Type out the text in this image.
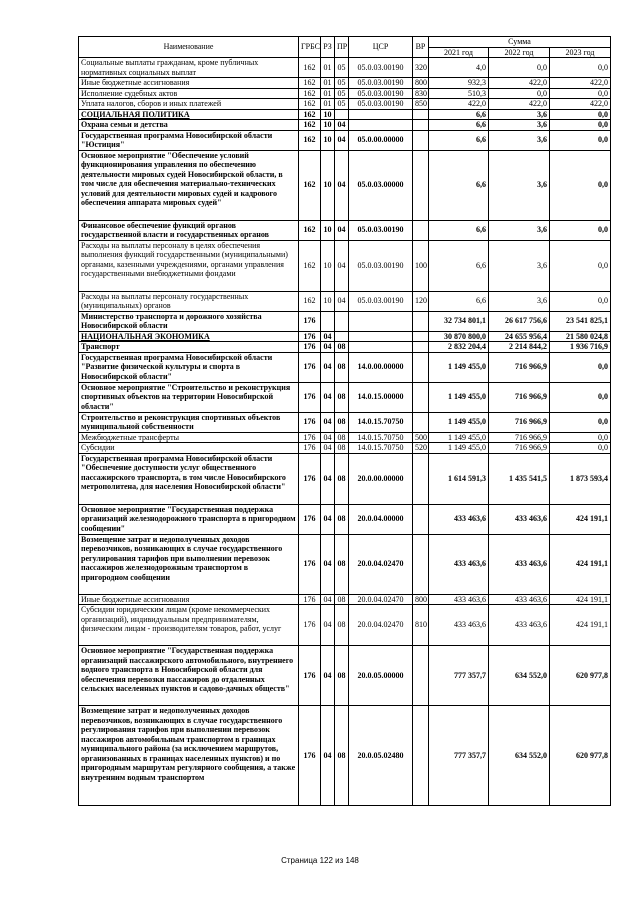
Наименование	ГРБС	РЗ	ПР	ЦСР	ВР	Сумма		
						2021 год	2022 год	2023 год
Социальные выплаты гражданам, кроме публичных нормативных социальных выплат	162	01	05	05.0.03.00190	320	4,0	0,0	0,0
Иные бюджетные ассигнования	162	01	05	05.0.03.00190	800	932,3	422,0	422,0
Исполнение судебных актов	162	01	05	05.0.03.00190	830	510,3	0,0	0,0
Уплата налогов, сборов и иных платежей	162	01	05	05.0.03.00190	850	422,0	422,0	422,0
СОЦИАЛЬНАЯ ПОЛИТИКА	162	10				6,6	3,6	0,0
Охрана семьи и детства	162	10	04			6,6	3,6	0,0
Государственная программа Новосибирской области "Юстиция"	162	10	04	05.0.00.00000		6,6	3,6	0,0
Основное мероприятие "Обеспечение условий функционирования управления по обеспечению деятельности мировых судей Новосибирской области, в том числе для обеспечения материально-технических условий для деятельности мировых судей и кадрового обеспечения аппарата мировых судей"	162	10	04	05.0.03.00000		6,6	3,6	0,0
Финансовое обеспечение функций органов государственной власти и государственных органов	162	10	04	05.0.03.00190		6,6	3,6	0,0
Расходы на выплаты персоналу в целях обеспечения выполнения функций государственными (муниципальными) органами, казенными учреждениями, органами управления государственными внебюджетными фондами	162	10	04	05.0.03.00190	100	6,6	3,6	0,0
Расходы на выплаты персоналу государственных (муниципальных) органов	162	10	04	05.0.03.00190	120	6,6	3,6	0,0
Министерство транспорта и дорожного хозяйства Новосибирской области	176					32 734 801,1	26 617 756,6	23 541 825,1
НАЦИОНАЛЬНАЯ ЭКОНОМИКА	176	04				30 870 800,0	24 655 956,4	21 580 024,8
Транспорт	176	04	08			2 832 204,4	2 214 844,2	1 936 716,9
Государственная программа Новосибирской области "Развитие физической культуры и спорта в Новосибирской области"	176	04	08	14.0.00.00000		1 149 455,0	716 966,9	0,0
Основное мероприятие "Строительство и реконструкция спортивных объектов на территории Новосибирской области"	176	04	08	14.0.15.00000		1 149 455,0	716 966,9	0,0
Строительство и реконструкция спортивных объектов муниципальной собственности	176	04	08	14.0.15.70750		1 149 455,0	716 966,9	0,0
Межбюджетные трансферты	176	04	08	14.0.15.70750	500	1 149 455,0	716 966,9	0,0
Субсидии	176	04	08	14.0.15.70750	520	1 149 455,0	716 966,9	0,0
Государственная программа Новосибирской области "Обеспечение доступности услуг общественного пассажирского транспорта, в том числе Новосибирского метрополитена, для населения Новосибирской области"	176	04	08	20.0.00.00000		1 614 591,3	1 435 541,5	1 873 593,4
Основное мероприятие "Государственная поддержка организаций железнодорожного транспорта в пригородном сообщении"	176	04	08	20.0.04.00000		433 463,6	433 463,6	424 191,1
Возмещение затрат и недополученных доходов перевозчиков, возникающих в случае государственного регулирования тарифов при выполнении перевозок пассажиров железнодорожным транспортом в пригородном сообщении	176	04	08	20.0.04.02470		433 463,6	433 463,6	424 191,1
Иные бюджетные ассигнования	176	04	08	20.0.04.02470	800	433 463,6	433 463,6	424 191,1
Субсидии юридическим лицам (кроме некоммерческих организаций), индивидуальным предпринимателям, физическим лицам - производителям товаров, работ, услуг	176	04	08	20.0.04.02470	810	433 463,6	433 463,6	424 191,1
Основное мероприятие "Государственная поддержка организаций пассажирского автомобильного, внутреннего водного транспорта в Новосибирской области для обеспечения перевозки пассажиров до отдаленных сельских населенных пунктов и садово-дачных обществ"	176	04	08	20.0.05.00000		777 357,7	634 552,0	620 977,8
Возмещение затрат и недополученных доходов перевозчиков, возникающих в случае государственного регулирования тарифов при выполнении перевозок пассажиров автомобильным транспортом в границах муниципального района (за исключением маршрутов, организованных в границах населенных пунктов) и по пригородным маршрутам регулярного сообщения, а также внутренним водным транспортом	176	04	08	20.0.05.02480		777 357,7	634 552,0	620 977,8
Страница 122 из 148
